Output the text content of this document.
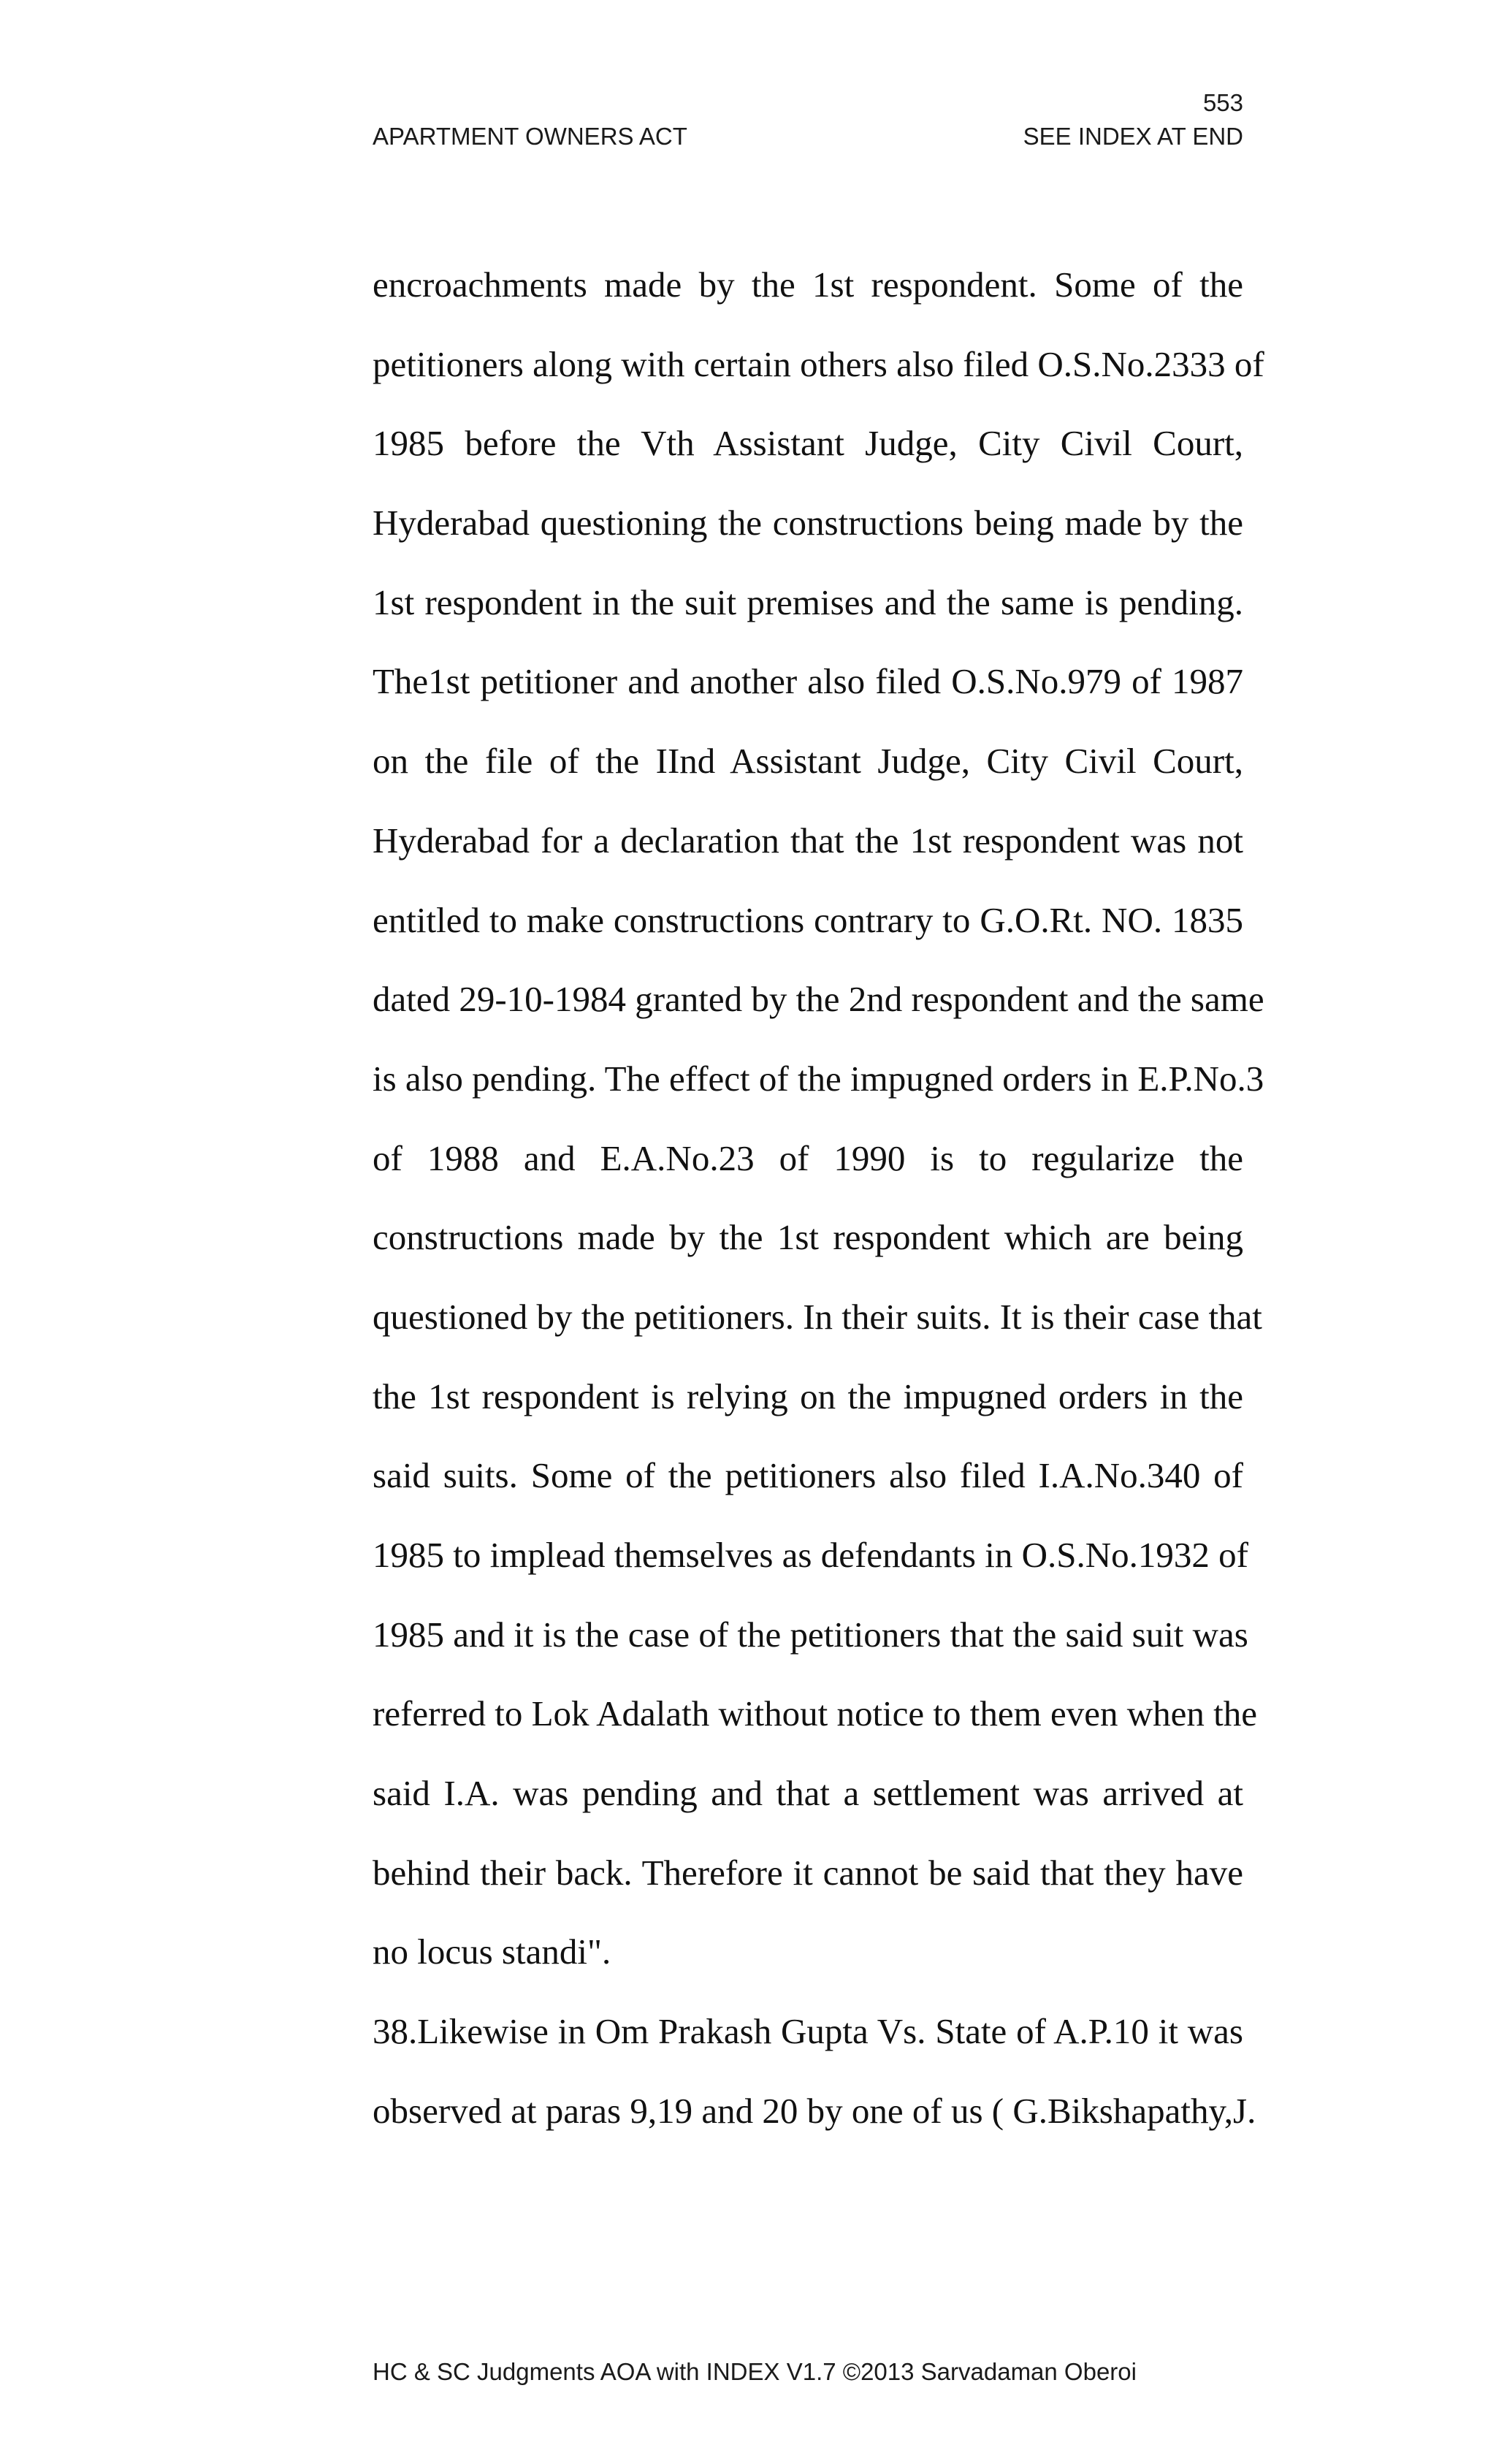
553
APARTMENT OWNERS ACT	SEE INDEX AT END
encroachments made by the 1st respondent. Some of the
petitioners along with certain others also filed O.S.No.2333 of
1985 before the Vth Assistant Judge, City Civil Court,
Hyderabad questioning the constructions being made by the
1st respondent in the suit premises and the same is pending.
The1st petitioner and another also filed O.S.No.979 of 1987
on the file of the IInd Assistant Judge, City Civil Court,
Hyderabad for a declaration that the 1st respondent was not
entitled to make constructions contrary to G.O.Rt. NO. 1835
dated 29-10-1984 granted by the 2nd respondent and the same
is also pending. The effect of the impugned orders in E.P.No.3
of 1988 and E.A.No.23 of 1990 is to regularize the
constructions made by the 1st respondent which are being
questioned by the petitioners. In their suits. It is their case that
the 1st respondent is relying on the impugned orders in the
said suits. Some of the petitioners also filed I.A.No.340 of
1985 to implead themselves as defendants in O.S.No.1932 of
1985 and it is the case of the petitioners that the said suit was
referred to Lok Adalath without notice to them even when the
said I.A. was pending and that a settlement was arrived at
behind their back. Therefore it cannot be said that they have
no locus standi".
38.Likewise in Om Prakash Gupta Vs. State of A.P.10 it was
observed at paras 9,19 and 20 by one of us ( G.Bikshapathy,J.
HC & SC Judgments AOA with INDEX V1.7 ©2013 Sarvadaman Oberoi
